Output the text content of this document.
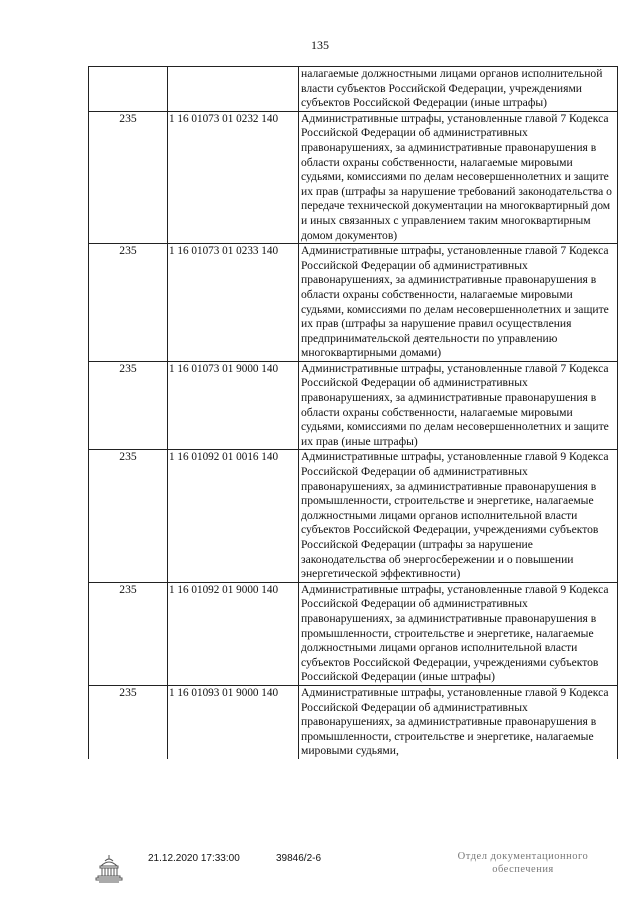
135
		налагаемые должностными лицами органов исполнительной власти субъектов Российской Федерации, учреждениями субъектов Российской Федерации (иные штрафы)
235	1 16 01073 01 0232 140	Административные штрафы, установленные главой 7 Кодекса Российской Федерации об административных правонарушениях, за административные правонарушения в области охраны собственности, налагаемые мировыми судьями, комиссиями по делам несовершеннолетних и защите их прав (штрафы за нарушение требований законодательства о передаче технической документации на многоквартирный дом и иных связанных с управлением таким многоквартирным домом документов)
235	1 16 01073 01 0233 140	Административные штрафы, установленные главой 7 Кодекса Российской Федерации об административных правонарушениях, за административные правонарушения в области охраны собственности, налагаемые мировыми судьями, комиссиями по делам несовершеннолетних и защите их прав (штрафы за нарушение правил осуществления предпринимательской деятельности по управлению многоквартирными домами)
235	1 16 01073 01 9000 140	Административные штрафы, установленные главой 7 Кодекса Российской Федерации об административных правонарушениях, за административные правонарушения в области охраны собственности, налагаемые мировыми судьями, комиссиями по делам несовершеннолетних и защите их прав (иные штрафы)
235	1 16 01092 01 0016 140	Административные штрафы, установленные главой 9 Кодекса Российской Федерации об административных правонарушениях, за административные правонарушения в промышленности, строительстве и энергетике, налагаемые должностными лицами органов исполнительной власти субъектов Российской Федерации, учреждениями субъектов Российской Федерации (штрафы за нарушение законодательства об энергосбережении и о повышении энергетической эффективности)
235	1 16 01092 01 9000 140	Административные штрафы, установленные главой 9 Кодекса Российской Федерации об административных правонарушениях, за административные правонарушения в промышленности, строительстве и энергетике, налагаемые должностными лицами органов исполнительной власти субъектов Российской Федерации, учреждениями субъектов Российской Федерации (иные штрафы)
235	1 16 01093 01 9000 140	Административные штрафы, установленные главой 9 Кодекса Российской Федерации об административных правонарушениях, за административные правонарушения в промышленности, строительстве и энергетике, налагаемые мировыми судьями,
21.12.2020 17:33:00	39846/2-6	Отдел документационного
обеспечения
